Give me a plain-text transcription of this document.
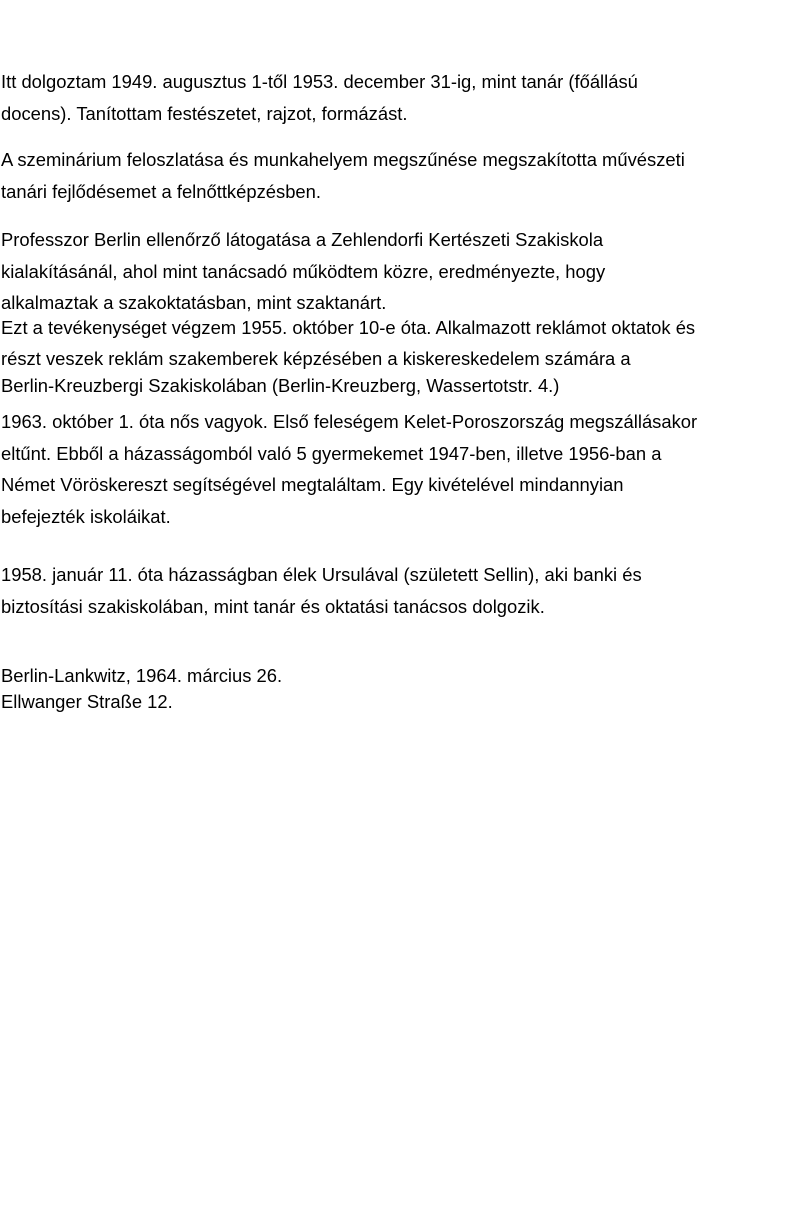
Itt dolgoztam 1949. augusztus 1-től 1953. december 31-ig, mint tanár (főállású
docens). Tanítottam festészetet, rajzot, formázást.

A szeminárium feloszlatása és munkahelyem megszűnése megszakította művészeti
tanári fejlődésemet a felnőttképzésben.

Professzor Berlin ellenőrző látogatása a Zehlendorfi Kertészeti Szakiskola
kialakításánál, ahol mint tanácsadó működtem közre, eredményezte, hogy
alkalmaztak a szakoktatásban, mint szaktanárt.

Ezt a tevékenységet végzem 1955. október 10-e óta. Alkalmazott reklámot oktatok és
részt veszek reklám szakemberek képzésében a kiskereskedelem számára a
Berlin-Kreuzbergi Szakiskolában (Berlin-Kreuzberg, Wassertotstr. 4.)

1963. október 1. óta nős vagyok. Első feleségem Kelet-Poroszország megszállásakor
eltűnt. Ebből a házasságomból való 5 gyermekemet 1947-ben, illetve 1956-ban a
Német Vöröskereszt segítségével megtaláltam. Egy kivételével mindannyian
befejezték iskoláikat.

1958. január 11. óta házasságban élek Ursulával (született Sellin), aki banki és
biztosítási szakiskolában, mint tanár és oktatási tanácsos dolgozik.

Berlin-Lankwitz, 1964. március 26.
Ellwanger Straße 12.
